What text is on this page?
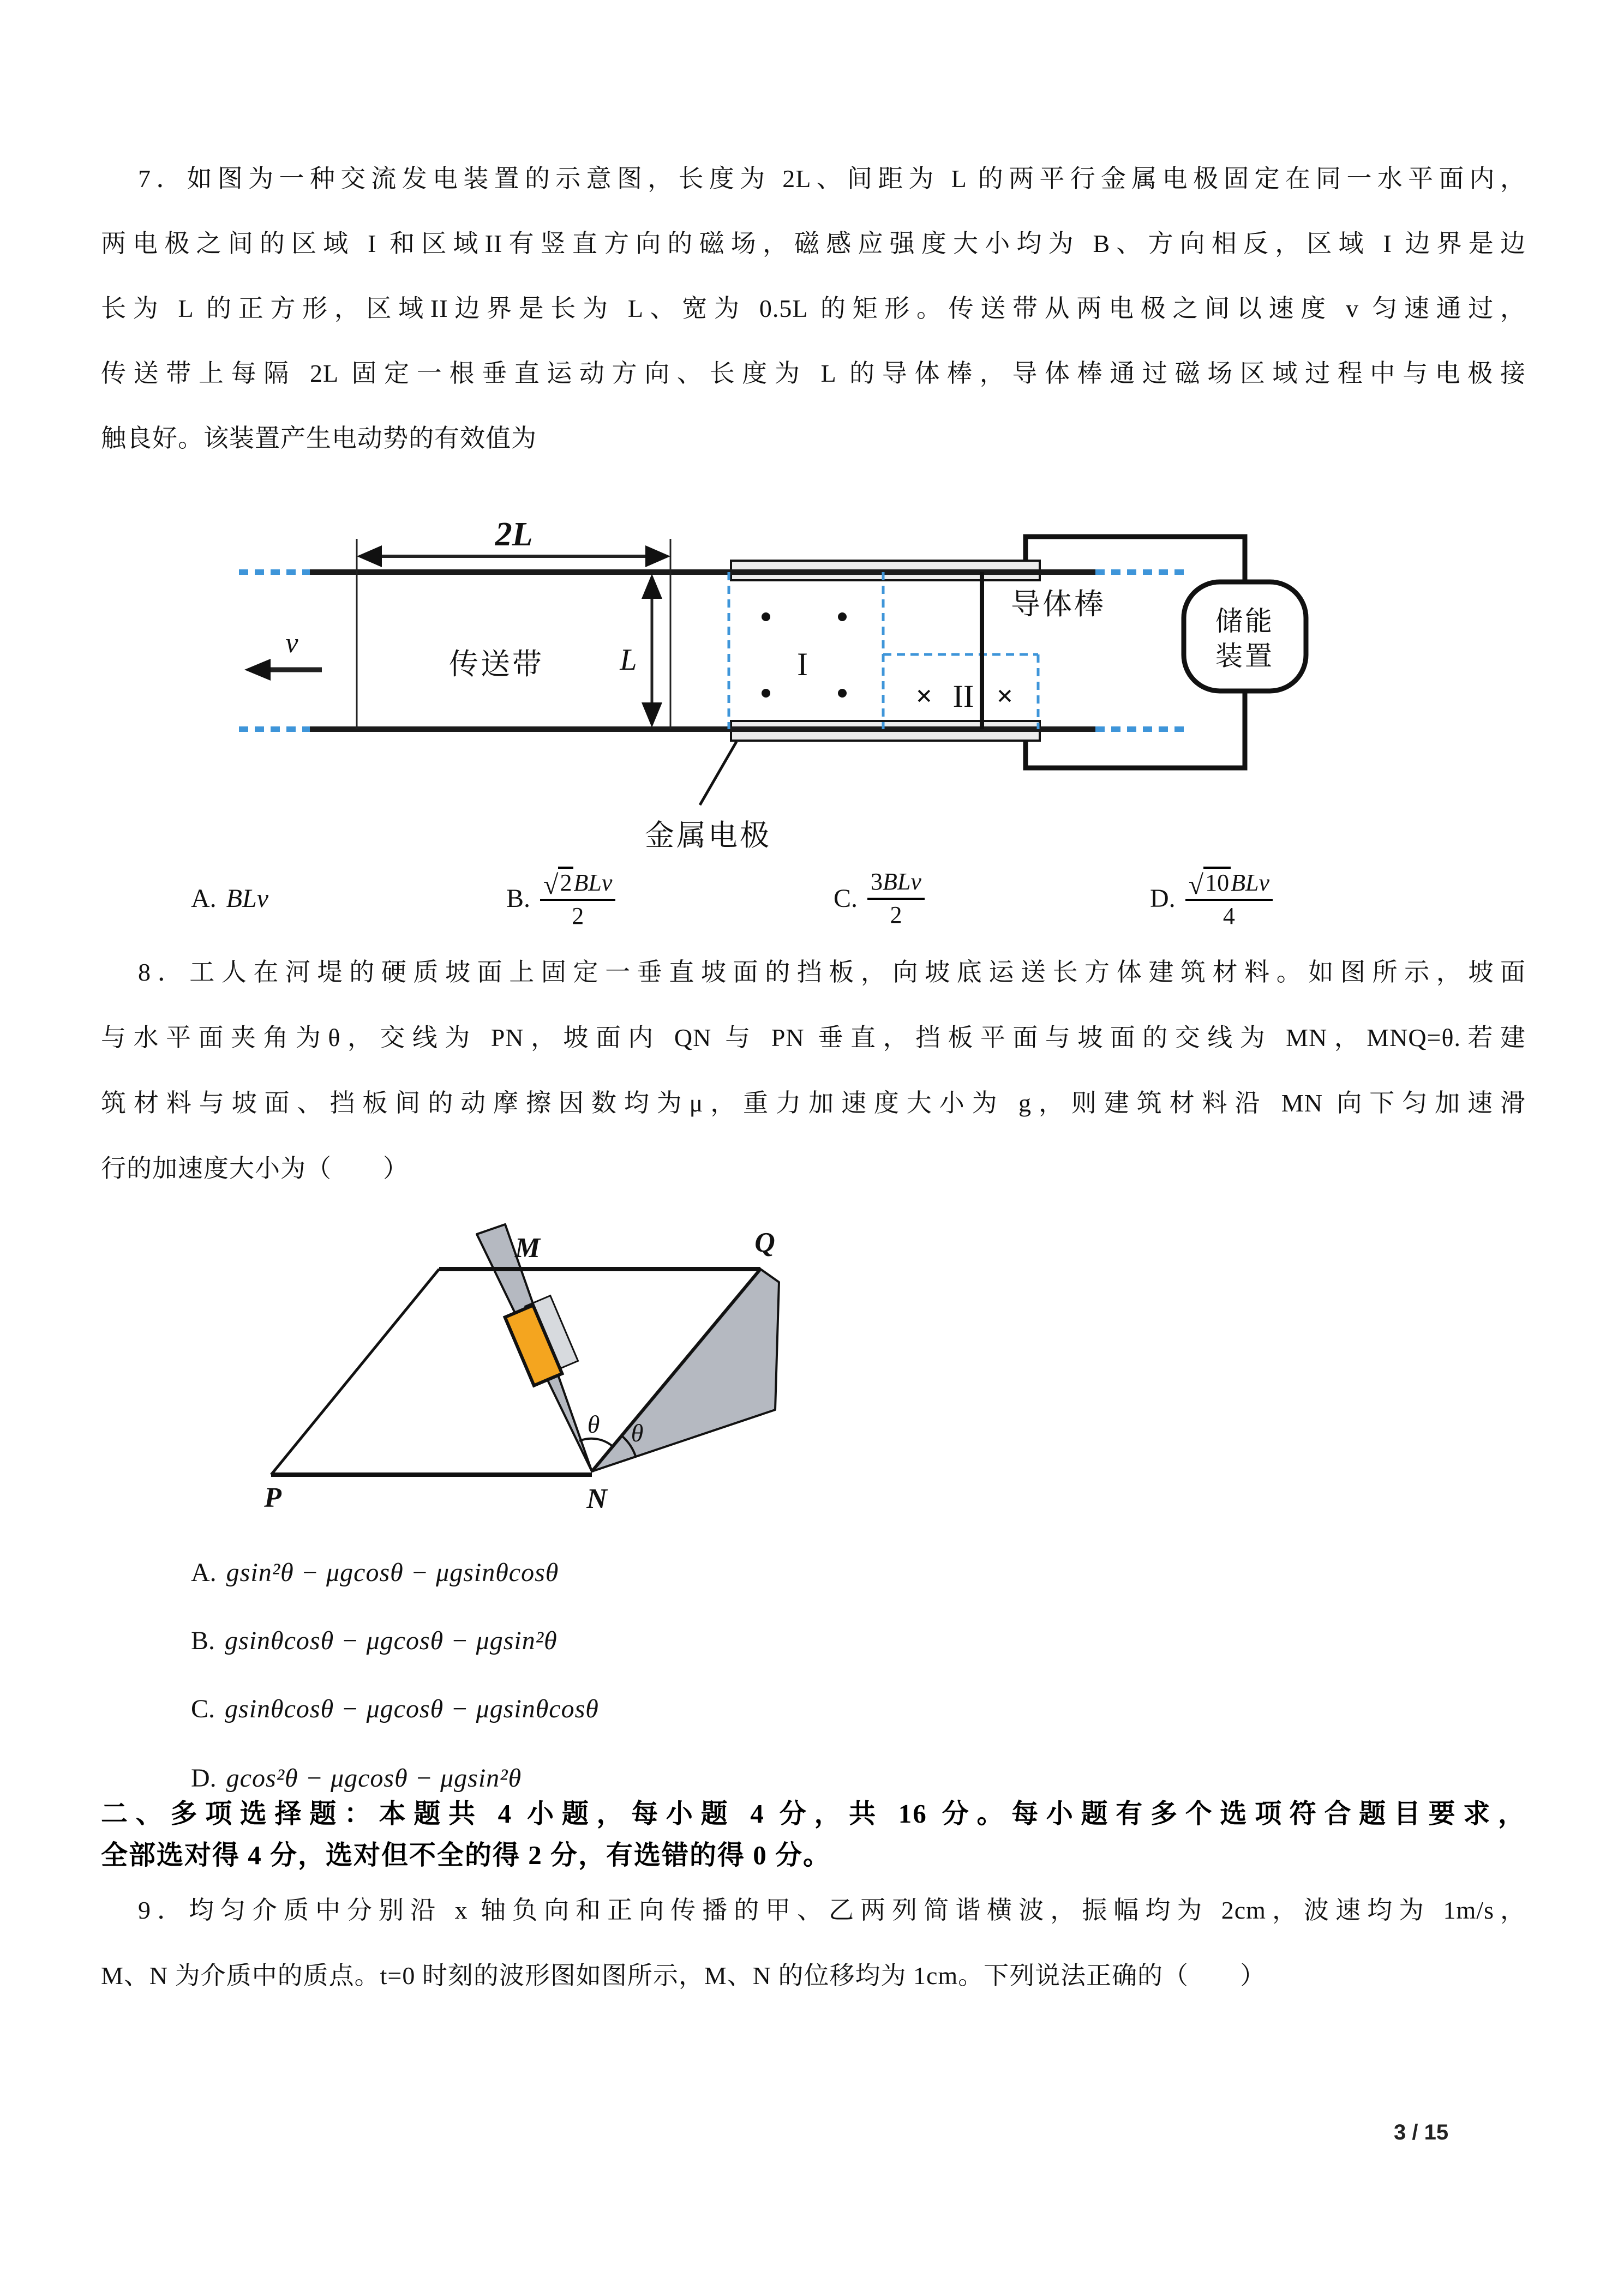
7．如图为一种交流发电装置的示意图，长度为 2L、间距为 L 的两平行金属电极固定在同一水平面内，
两电极之间的区域 I 和区域II有竖直方向的磁场，磁感应强度大小均为 B、方向相反，区域 I 边界是边
长为 L 的正方形，区域II边界是长为 L、宽为 0.5L 的矩形。传送带从两电极之间以速度 v 匀速通过，
传送带上每隔 2L 固定一根垂直运动方向、长度为 L 的导体棒，导体棒通过磁场区域过程中与电极接
触良好。该装置产生电动势的有效值为
储能
装置
2L
L
v
传送带	I
× II ×
导体棒
金属电极
A. BLv	B. $\frac{\text{√ 2 BLv}}{2}$	C. $\frac{\text{3 BLv}}{2}$	D. $\frac{\text{√ 10 BLv}}{4}$
8．工人在河堤的硬质坡面上固定一垂直坡面的挡板，向坡底运送长方体建筑材料。如图所示，坡面
与水平面夹角为θ，交线为 PN，坡面内 QN 与 PN 垂直，挡板平面与坡面的交线为 MN，MNQ=θ.若建
筑材料与坡面、挡板间的动摩擦因数均为μ，重力加速度大小为 g，则建筑材料沿 MN 向下匀加速滑
行的加速度大小为（　　）
M	Q
P	N
θ θ
A. gsin²θ − μgcosθ − μgsinθcosθ
B. gsinθcosθ − μgcosθ − μgsin²θ
C. gsinθcosθ − μgcosθ − μgsinθcosθ
D. gcos²θ − μgcosθ − μgsin²θ
二、多项选择题：本题共 4 小题，每小题 4 分，共 16 分。每小题有多个选项符合题目要求，
全部选对得 4 分，选对但不全的得 2 分，有选错的得 0 分。
9．均匀介质中分别沿 x 轴负向和正向传播的甲、乙两列简谐横波，振幅均为 2cm，波速均为 1m/s，
M、N 为介质中的质点。t=0 时刻的波形图如图所示，M、N 的位移均为 1cm。下列说法正确的（　　）
3 / 15
